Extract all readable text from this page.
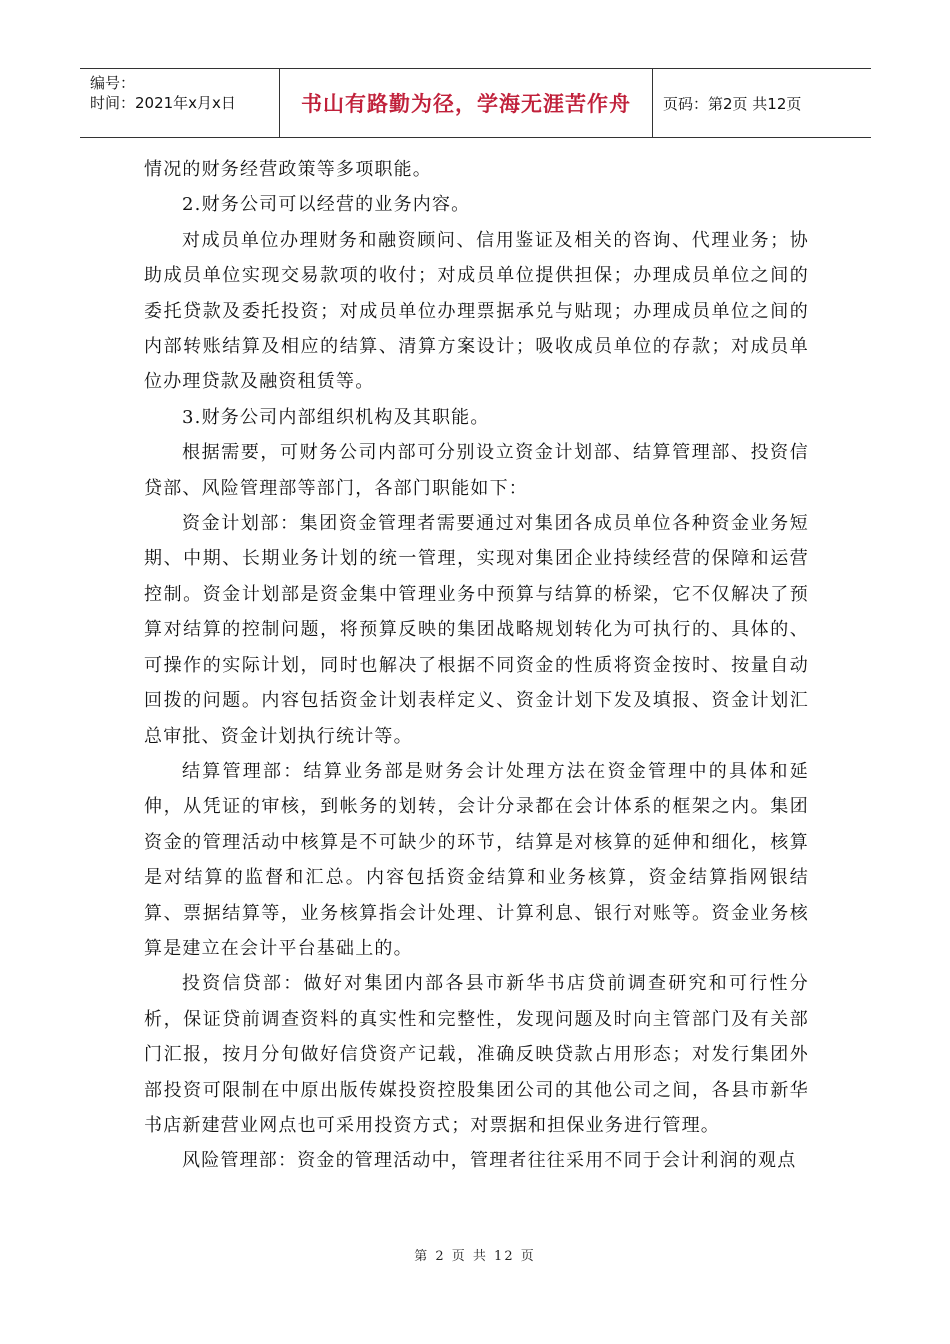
编号：
时间：2021年x月x日	书山有路勤为径，学海无涯苦作舟	页码：第2页 共12页

情况的财务经营政策等多项职能。

2.财务公司可以经营的业务内容。

对成员单位办理财务和融资顾问、信用鉴证及相关的咨询、代理业务；协助成员单位实现交易款项的收付；对成员单位提供担保；办理成员单位之间的委托贷款及委托投资；对成员单位办理票据承兑与贴现；办理成员单位之间的内部转账结算及相应的结算、清算方案设计；吸收成员单位的存款；对成员单位办理贷款及融资租赁等。

3.财务公司内部组织机构及其职能。

根据需要，可财务公司内部可分别设立资金计划部、结算管理部、投资信贷部、风险管理部等部门，各部门职能如下：

资金计划部：集团资金管理者需要通过对集团各成员单位各种资金业务短期、中期、长期业务计划的统一管理，实现对集团企业持续经营的保障和运营控制。资金计划部是资金集中管理业务中预算与结算的桥梁，它不仅解决了预算对结算的控制问题，将预算反映的集团战略规划转化为可执行的、具体的、可操作的实际计划，同时也解决了根据不同资金的性质将资金按时、按量自动回拨的问题。内容包括资金计划表样定义、资金计划下发及填报、资金计划汇总审批、资金计划执行统计等。

结算管理部：结算业务部是财务会计处理方法在资金管理中的具体和延伸，从凭证的审核，到帐务的划转，会计分录都在会计体系的框架之内。集团资金的管理活动中核算是不可缺少的环节，结算是对核算的延伸和细化，核算是对结算的监督和汇总。内容包括资金结算和业务核算，资金结算指网银结算、票据结算等，业务核算指会计处理、计算利息、银行对账等。资金业务核算是建立在会计平台基础上的。

投资信贷部：做好对集团内部各县市新华书店贷前调查研究和可行性分析，保证贷前调查资料的真实性和完整性，发现问题及时向主管部门及有关部门汇报，按月分旬做好信贷资产记载，准确反映贷款占用形态；对发行集团外部投资可限制在中原出版传媒投资控股集团公司的其他公司之间，各县市新华书店新建营业网点也可采用投资方式；对票据和担保业务进行管理。

风险管理部：资金的管理活动中，管理者往往采用不同于会计利润的观点

第 2 页 共 12 页
